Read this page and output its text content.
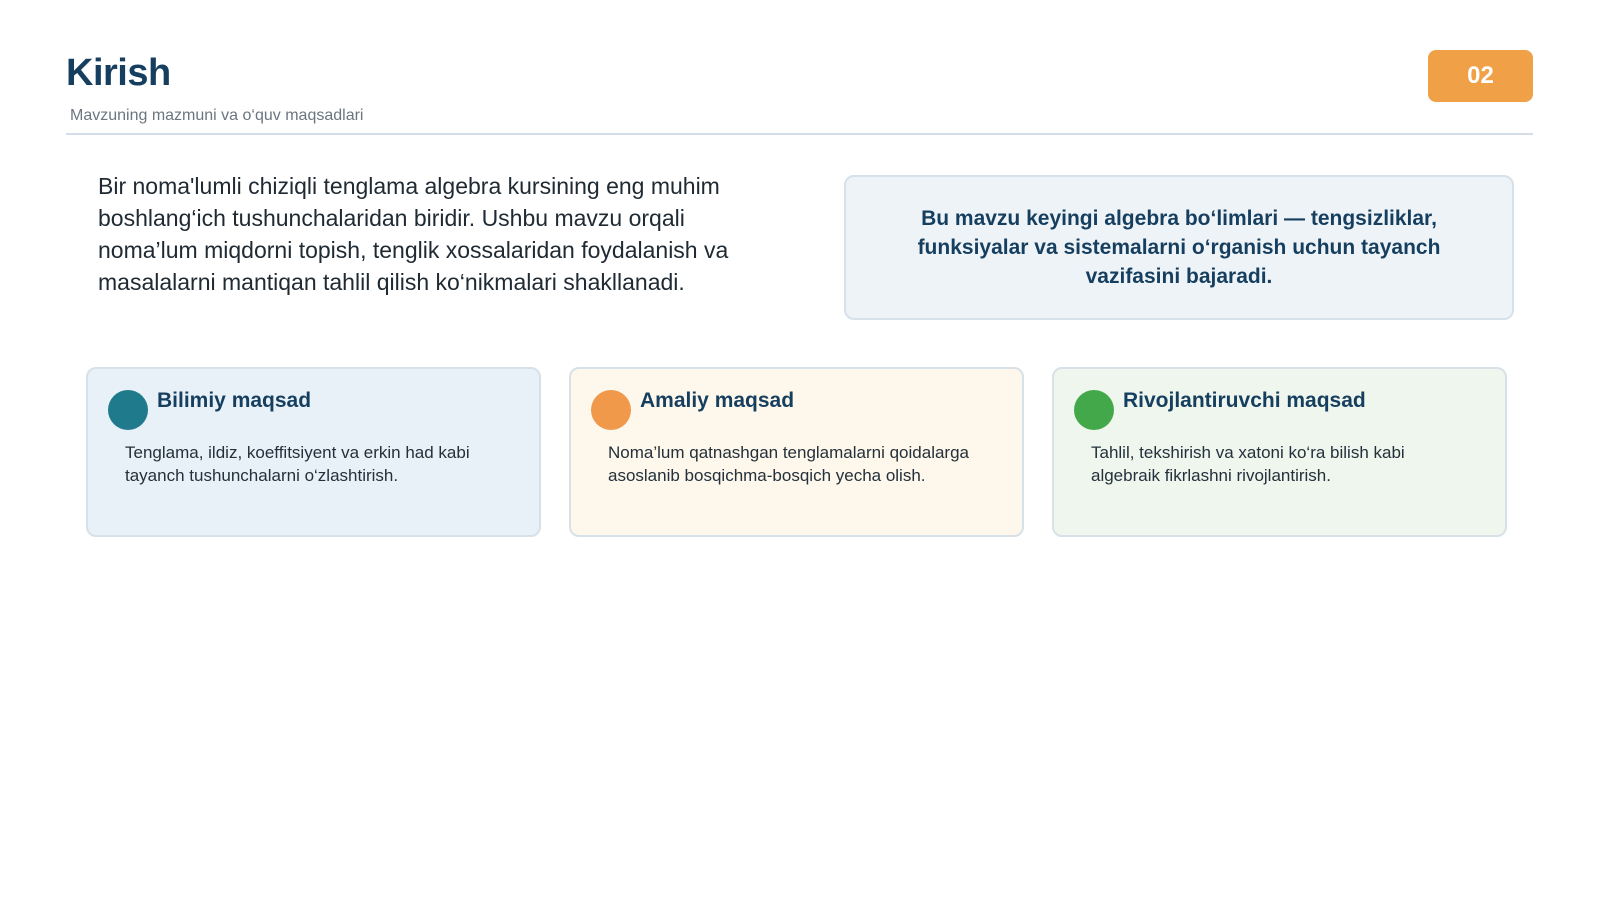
Kirish
Mavzuning mazmuni va o‘quv maqsadlari
02

Bir noma'lumli chiziqli tenglama algebra kursining eng muhim boshlang‘ich tushunchalaridan biridir. Ushbu mavzu orqali noma’lum miqdorni topish, tenglik xossalaridan foydalanish va masalalarni mantiqan tahlil qilish ko‘nikmalari shakllanadi.

Bu mavzu keyingi algebra bo‘limlari — tengsizliklar, funksiyalar va sistemalarni o‘rganish uchun tayanch vazifasini bajaradi.

Bilimiy maqsad

Tenglama, ildiz, koeffitsiyent va erkin had kabi tayanch tushunchalarni o‘zlashtirish.

Amaliy maqsad

Noma’lum qatnashgan tenglamalarni qoidalarga asoslanib bosqichma-bosqich yecha olish.

Rivojlantiruvchi maqsad

Tahlil, tekshirish va xatoni ko‘ra bilish kabi algebraik fikrlashni rivojlantirish.
